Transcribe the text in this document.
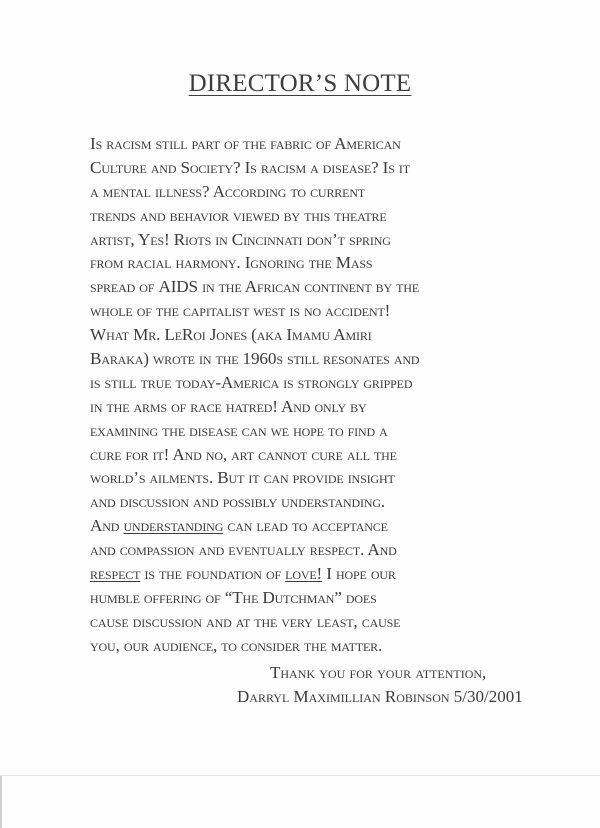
DIRECTOR’S NOTE
Is racism still part of the fabric of American
Culture and Society? Is racism a disease? Is it
a mental illness? According to current
trends and behavior viewed by this theatre
artist, Yes! Riots in Cincinnati don’t spring
from racial harmony. Ignoring the Mass
spread of AIDS in the African continent by the
whole of the capitalist west is no accident!
What Mr. LeRoi Jones (aka Imamu Amiri
Baraka) wrote in the 1960s still resonates and
is still true today-America is strongly gripped
in the arms of race hatred! And only by
examining the disease can we hope to find a
cure for it! And no, art cannot cure all the
world’s ailments. But it can provide insight
and discussion and possibly understanding.
And understanding can lead to acceptance
and compassion and eventually respect. And
respect is the foundation of love! I hope our
humble offering of “The Dutchman” does
cause discussion and at the very least, cause
you, our audience, to consider the matter.
Thank you for your attention,
Darryl Maximillian Robinson 5/30/2001
